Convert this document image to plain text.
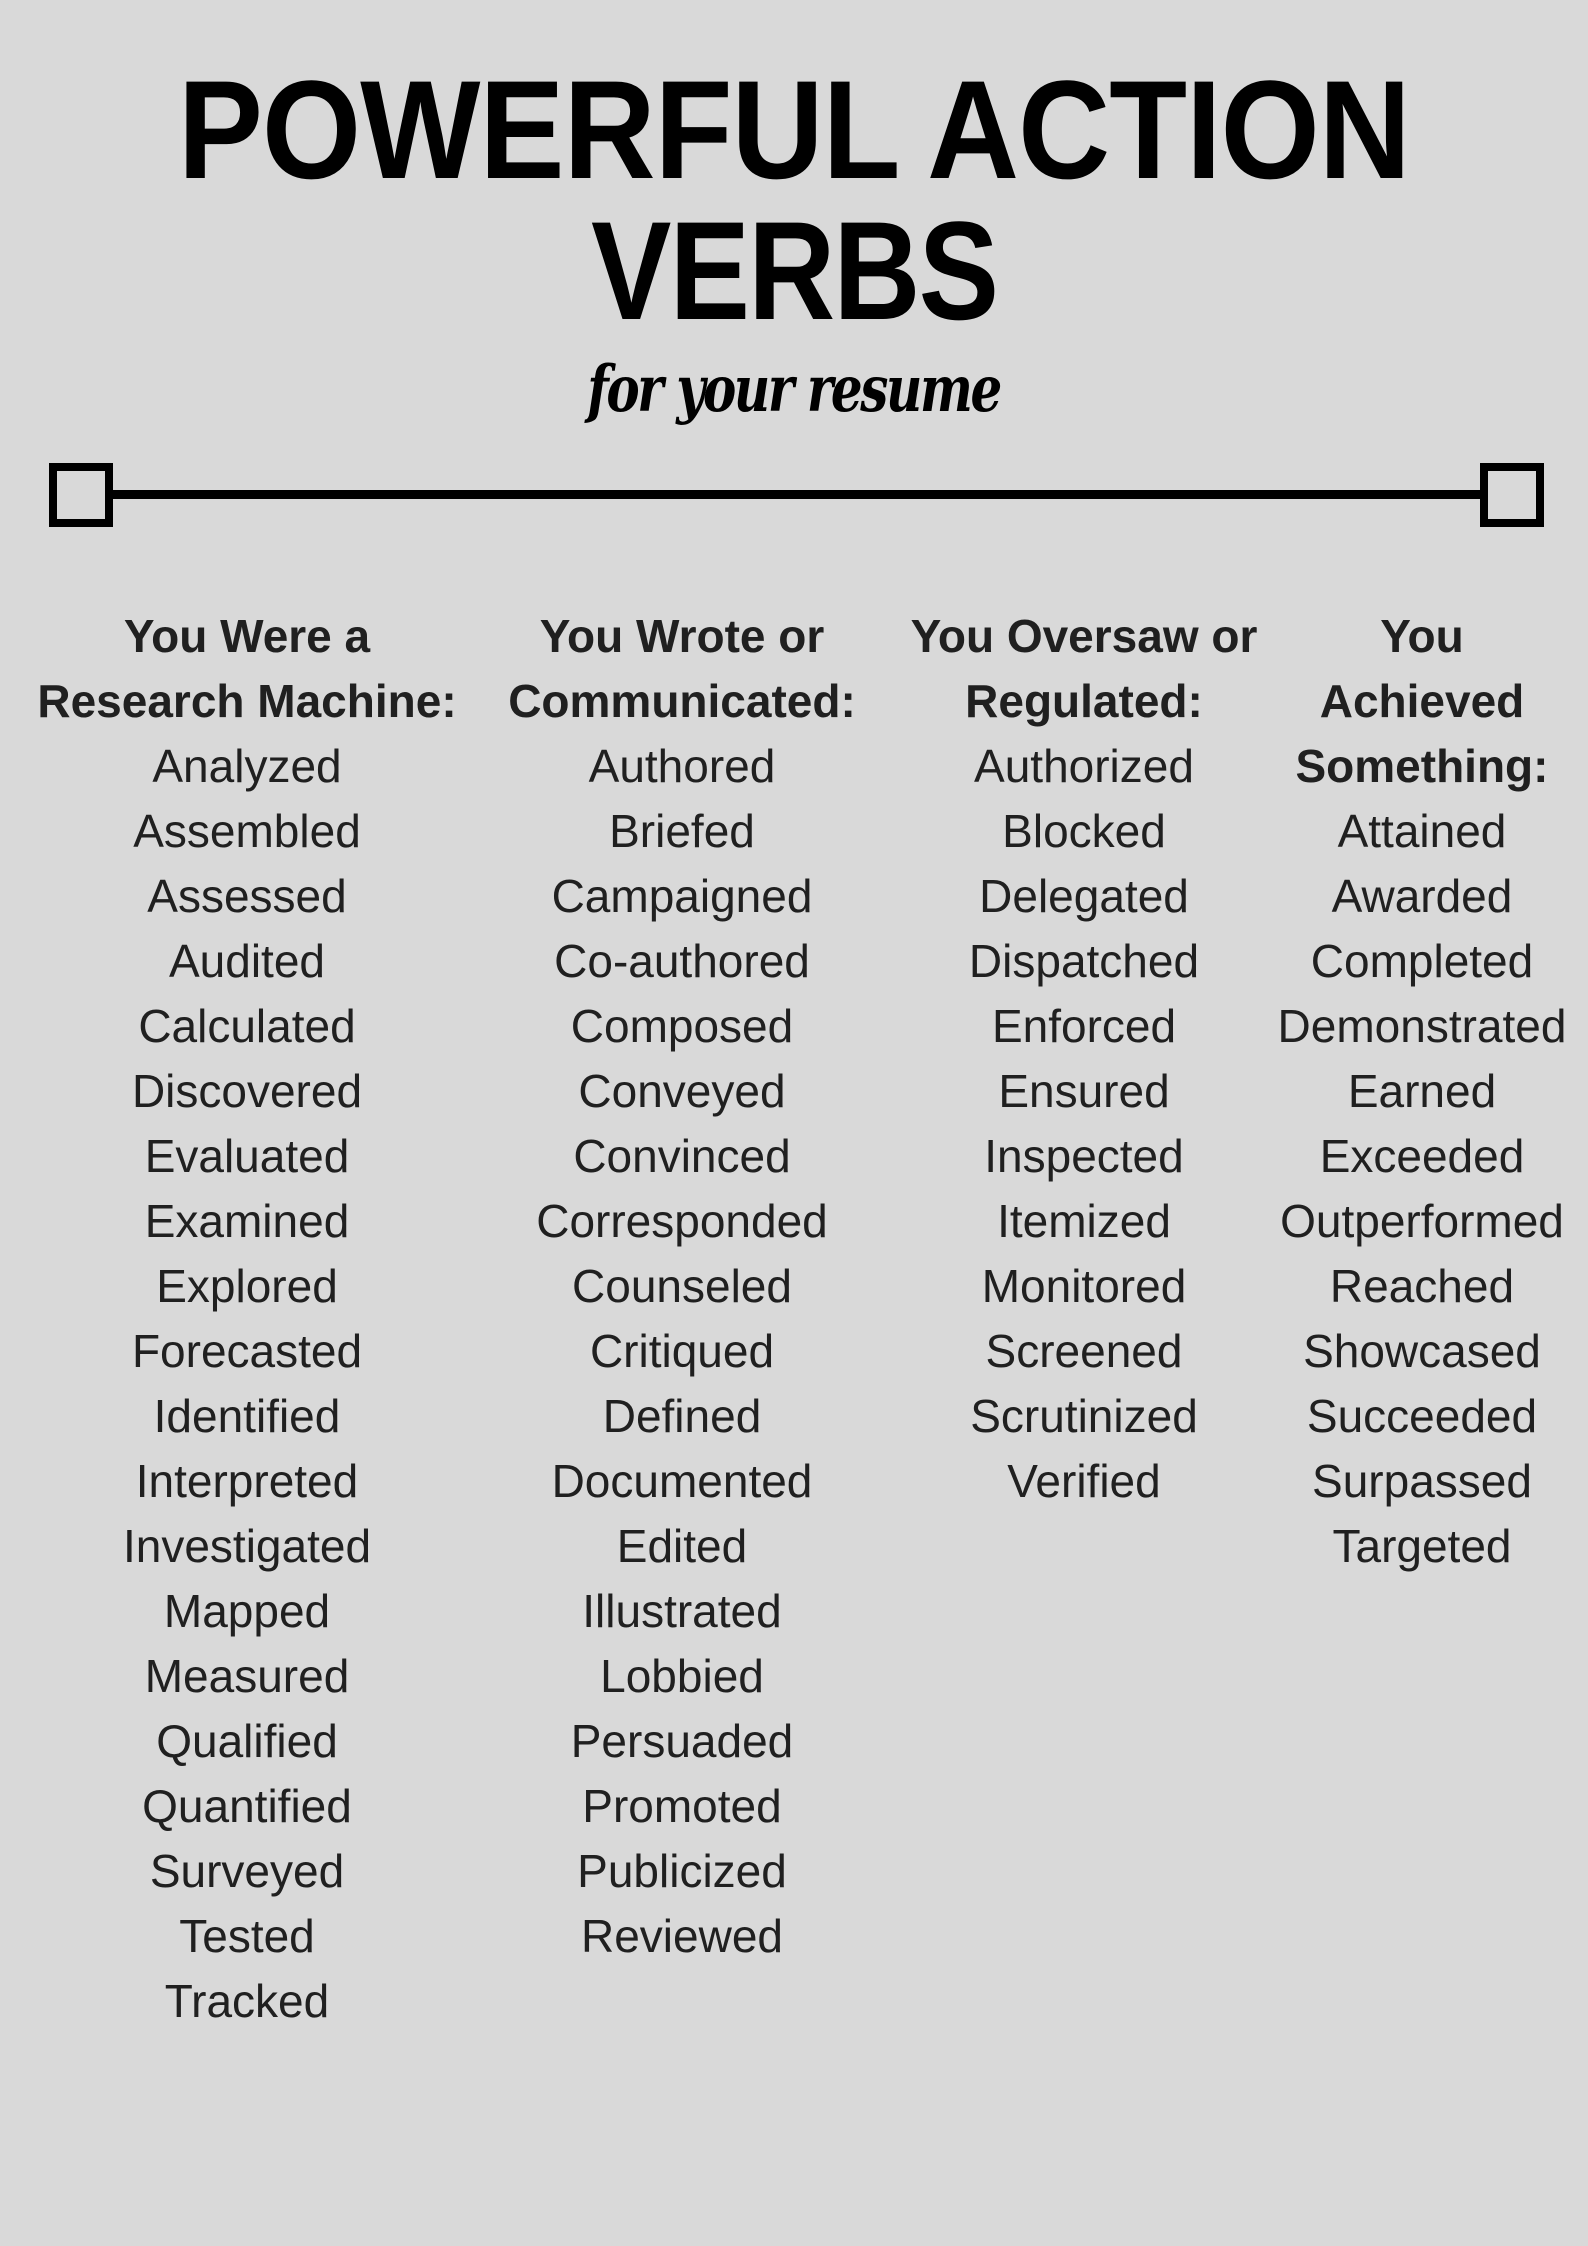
POWERFUL ACTION
VERBS
for your resume
You Were a
Research Machine:
Analyzed
Assembled
Assessed
Audited
Calculated
Discovered
Evaluated
Examined
Explored
Forecasted
Identified
Interpreted
Investigated
Mapped
Measured
Qualified
Quantified
Surveyed
Tested
Tracked
You Wrote or
Communicated:
Authored
Briefed
Campaigned
Co-authored
Composed
Conveyed
Convinced
Corresponded
Counseled
Critiqued
Defined
Documented
Edited
Illustrated
Lobbied
Persuaded
Promoted
Publicized
Reviewed
You Oversaw or
Regulated:
Authorized
Blocked
Delegated
Dispatched
Enforced
Ensured
Inspected
Itemized
Monitored
Screened
Scrutinized
Verified
You
Achieved
Something:
Attained
Awarded
Completed
Demonstrated
Earned
Exceeded
Outperformed
Reached
Showcased
Succeeded
Surpassed
Targeted
